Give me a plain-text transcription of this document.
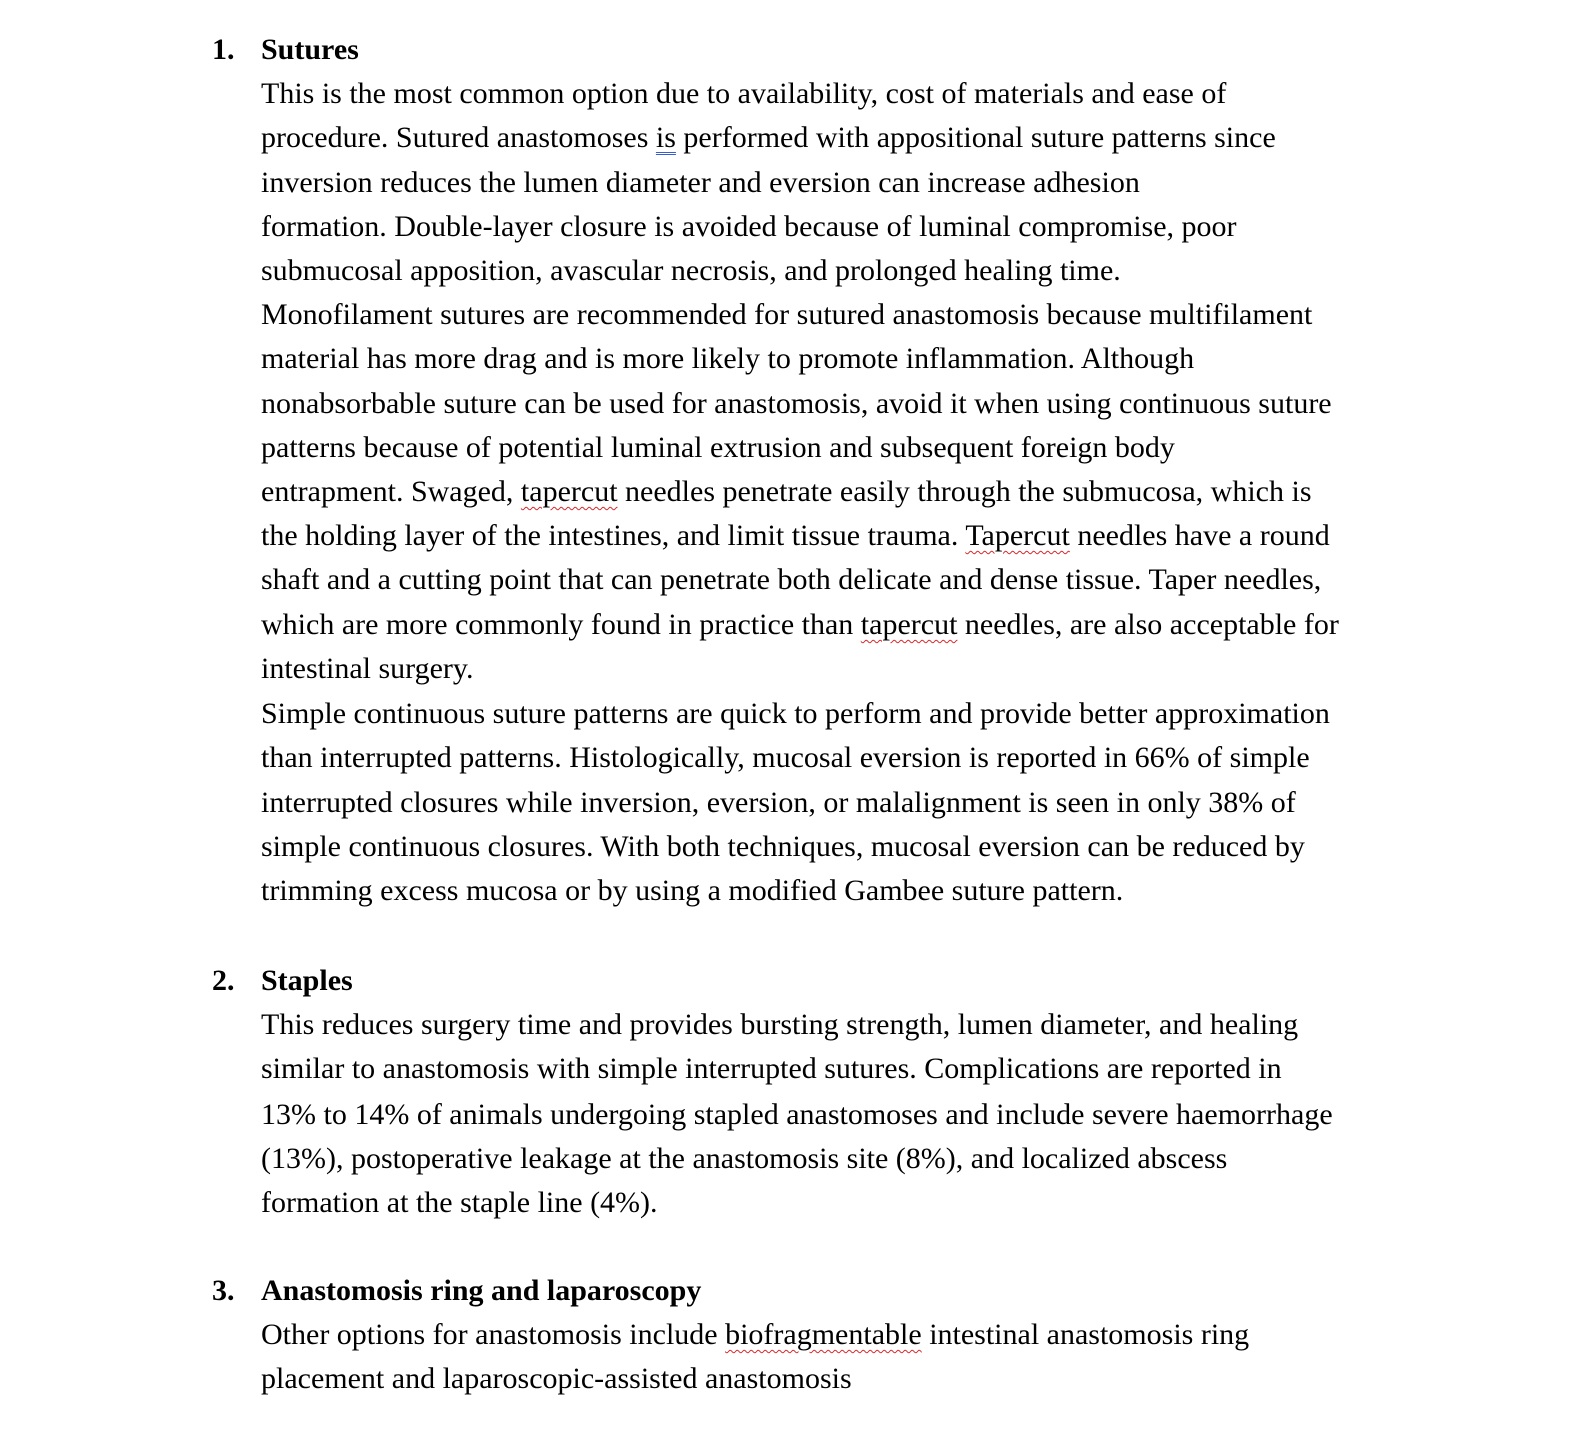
1. Sutures
This is the most common option due to availability, cost of materials and ease of
procedure. Sutured anastomoses is performed with appositional suture patterns since
inversion reduces the lumen diameter and eversion can increase adhesion
formation. Double-layer closure is avoided because of luminal compromise, poor
submucosal apposition, avascular necrosis, and prolonged healing time.
Monofilament sutures are recommended for sutured anastomosis because multifilament
material has more drag and is more likely to promote inflammation. Although
nonabsorbable suture can be used for anastomosis, avoid it when using continuous suture
patterns because of potential luminal extrusion and subsequent foreign body
entrapment. Swaged, tapercut needles penetrate easily through the submucosa, which is
the holding layer of the intestines, and limit tissue trauma. Tapercut needles have a round
shaft and a cutting point that can penetrate both delicate and dense tissue. Taper needles,
which are more commonly found in practice than tapercut needles, are also acceptable for
intestinal surgery.
Simple continuous suture patterns are quick to perform and provide better approximation
than interrupted patterns. Histologically, mucosal eversion is reported in 66% of simple
interrupted closures while inversion, eversion, or malalignment is seen in only 38% of
simple continuous closures. With both techniques, mucosal eversion can be reduced by
trimming excess mucosa or by using a modified Gambee suture pattern.
2. Staples
This reduces surgery time and provides bursting strength, lumen diameter, and healing
similar to anastomosis with simple interrupted sutures. Complications are reported in
13% to 14% of animals undergoing stapled anastomoses and include severe haemorrhage
(13%), postoperative leakage at the anastomosis site (8%), and localized abscess
formation at the staple line (4%).
3. Anastomosis ring and laparoscopy
Other options for anastomosis include biofragmentable intestinal anastomosis ring
placement and laparoscopic-assisted anastomosis
